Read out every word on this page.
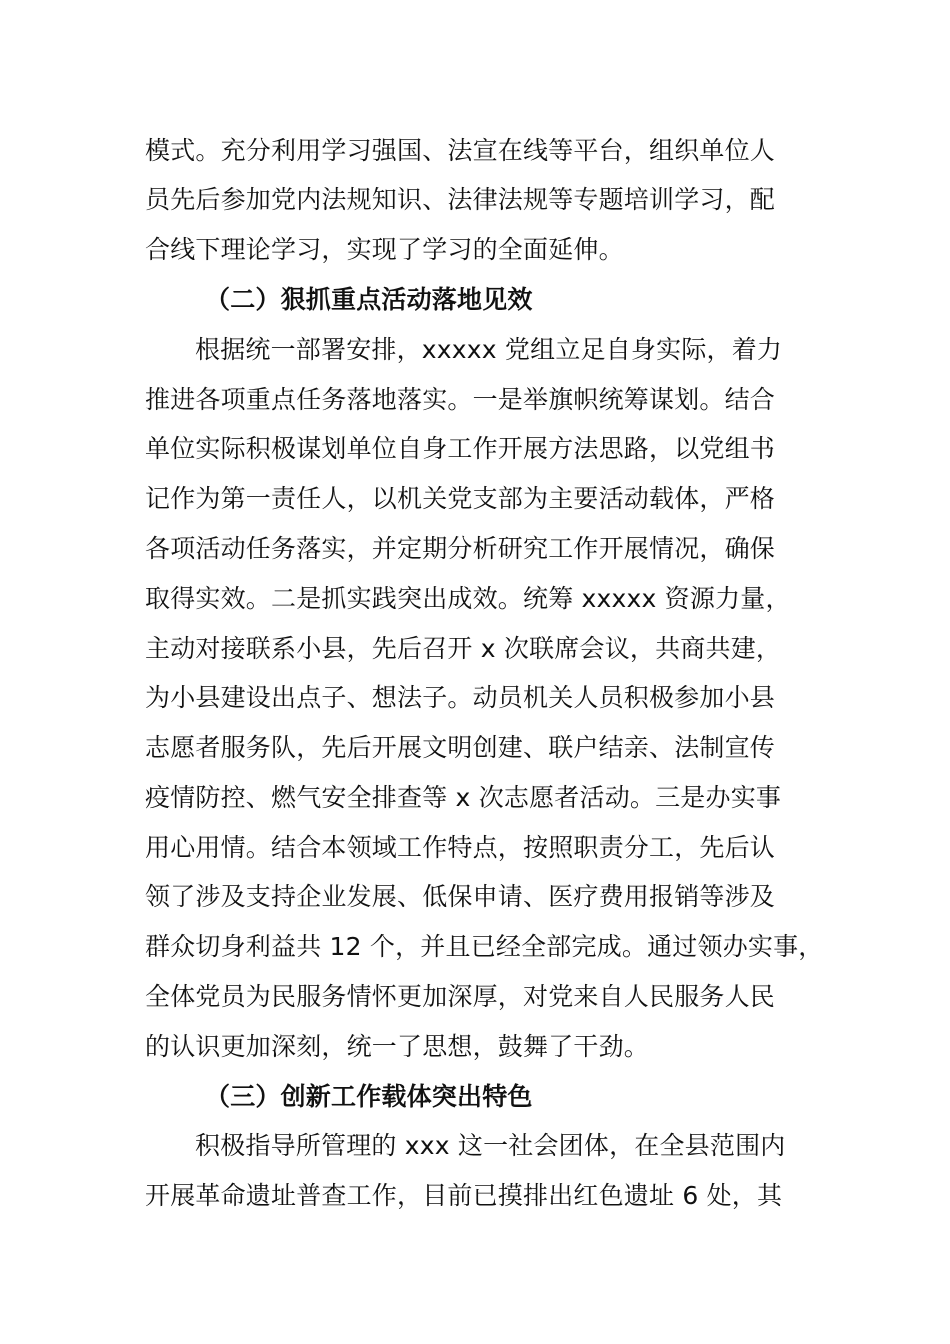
模式。充分利用学习强国、法宣在线等平台，组织单位人
员先后参加党内法规知识、法律法规等专题培训学习，配
合线下理论学习，实现了学习的全面延伸。
（二）狠抓重点活动落地见效
根据统一部署安排，xxxxx 党组立足自身实际，着力
推进各项重点任务落地落实。一是举旗帜统筹谋划。结合
单位实际积极谋划单位自身工作开展方法思路，以党组书
记作为第一责任人，以机关党支部为主要活动载体，严格
各项活动任务落实，并定期分析研究工作开展情况，确保
取得实效。二是抓实践突出成效。统筹 xxxxx 资源力量，
主动对接联系小县，先后召开 x 次联席会议，共商共建，
为小县建设出点子、想法子。动员机关人员积极参加小县
志愿者服务队，先后开展文明创建、联户结亲、法制宣传
疫情防控、燃气安全排查等 x 次志愿者活动。三是办实事
用心用情。结合本领域工作特点，按照职责分工，先后认
领了涉及支持企业发展、低保申请、医疗费用报销等涉及
群众切身利益共 12 个，并且已经全部完成。通过领办实事，
全体党员为民服务情怀更加深厚，对党来自人民服务人民
的认识更加深刻，统一了思想，鼓舞了干劲。
（三）创新工作载体突出特色
积极指导所管理的 xxx 这一社会团体，在全县范围内
开展革命遗址普查工作，目前已摸排出红色遗址 6 处，其
